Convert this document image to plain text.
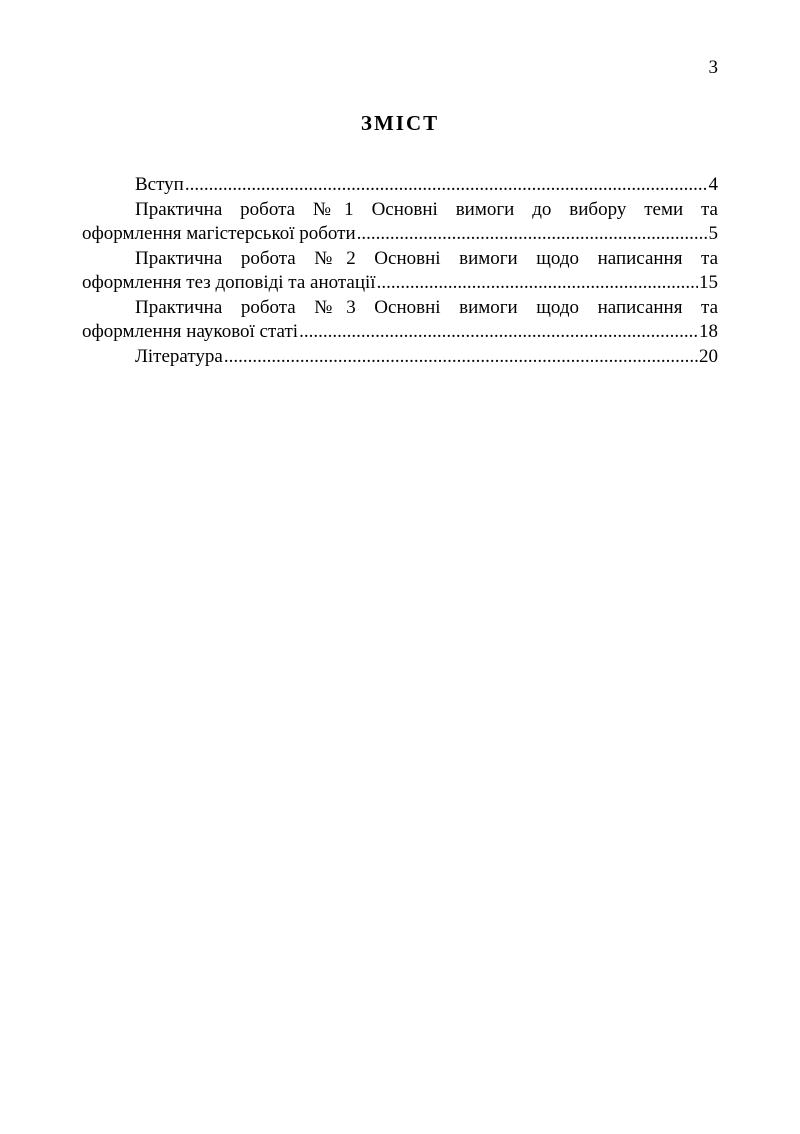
3
ЗМІСТ
Вступ .....	4
Практична робота №1 Основні вимоги до вибору теми та
оформлення магістерської роботи .....	5
Практична робота №2 Основні вимоги щодо написання та
оформлення тез доповіді та анотації .....	15
Практична робота №3 Основні вимоги щодо написання та
оформлення наукової статі .....	18
Література .....	20
